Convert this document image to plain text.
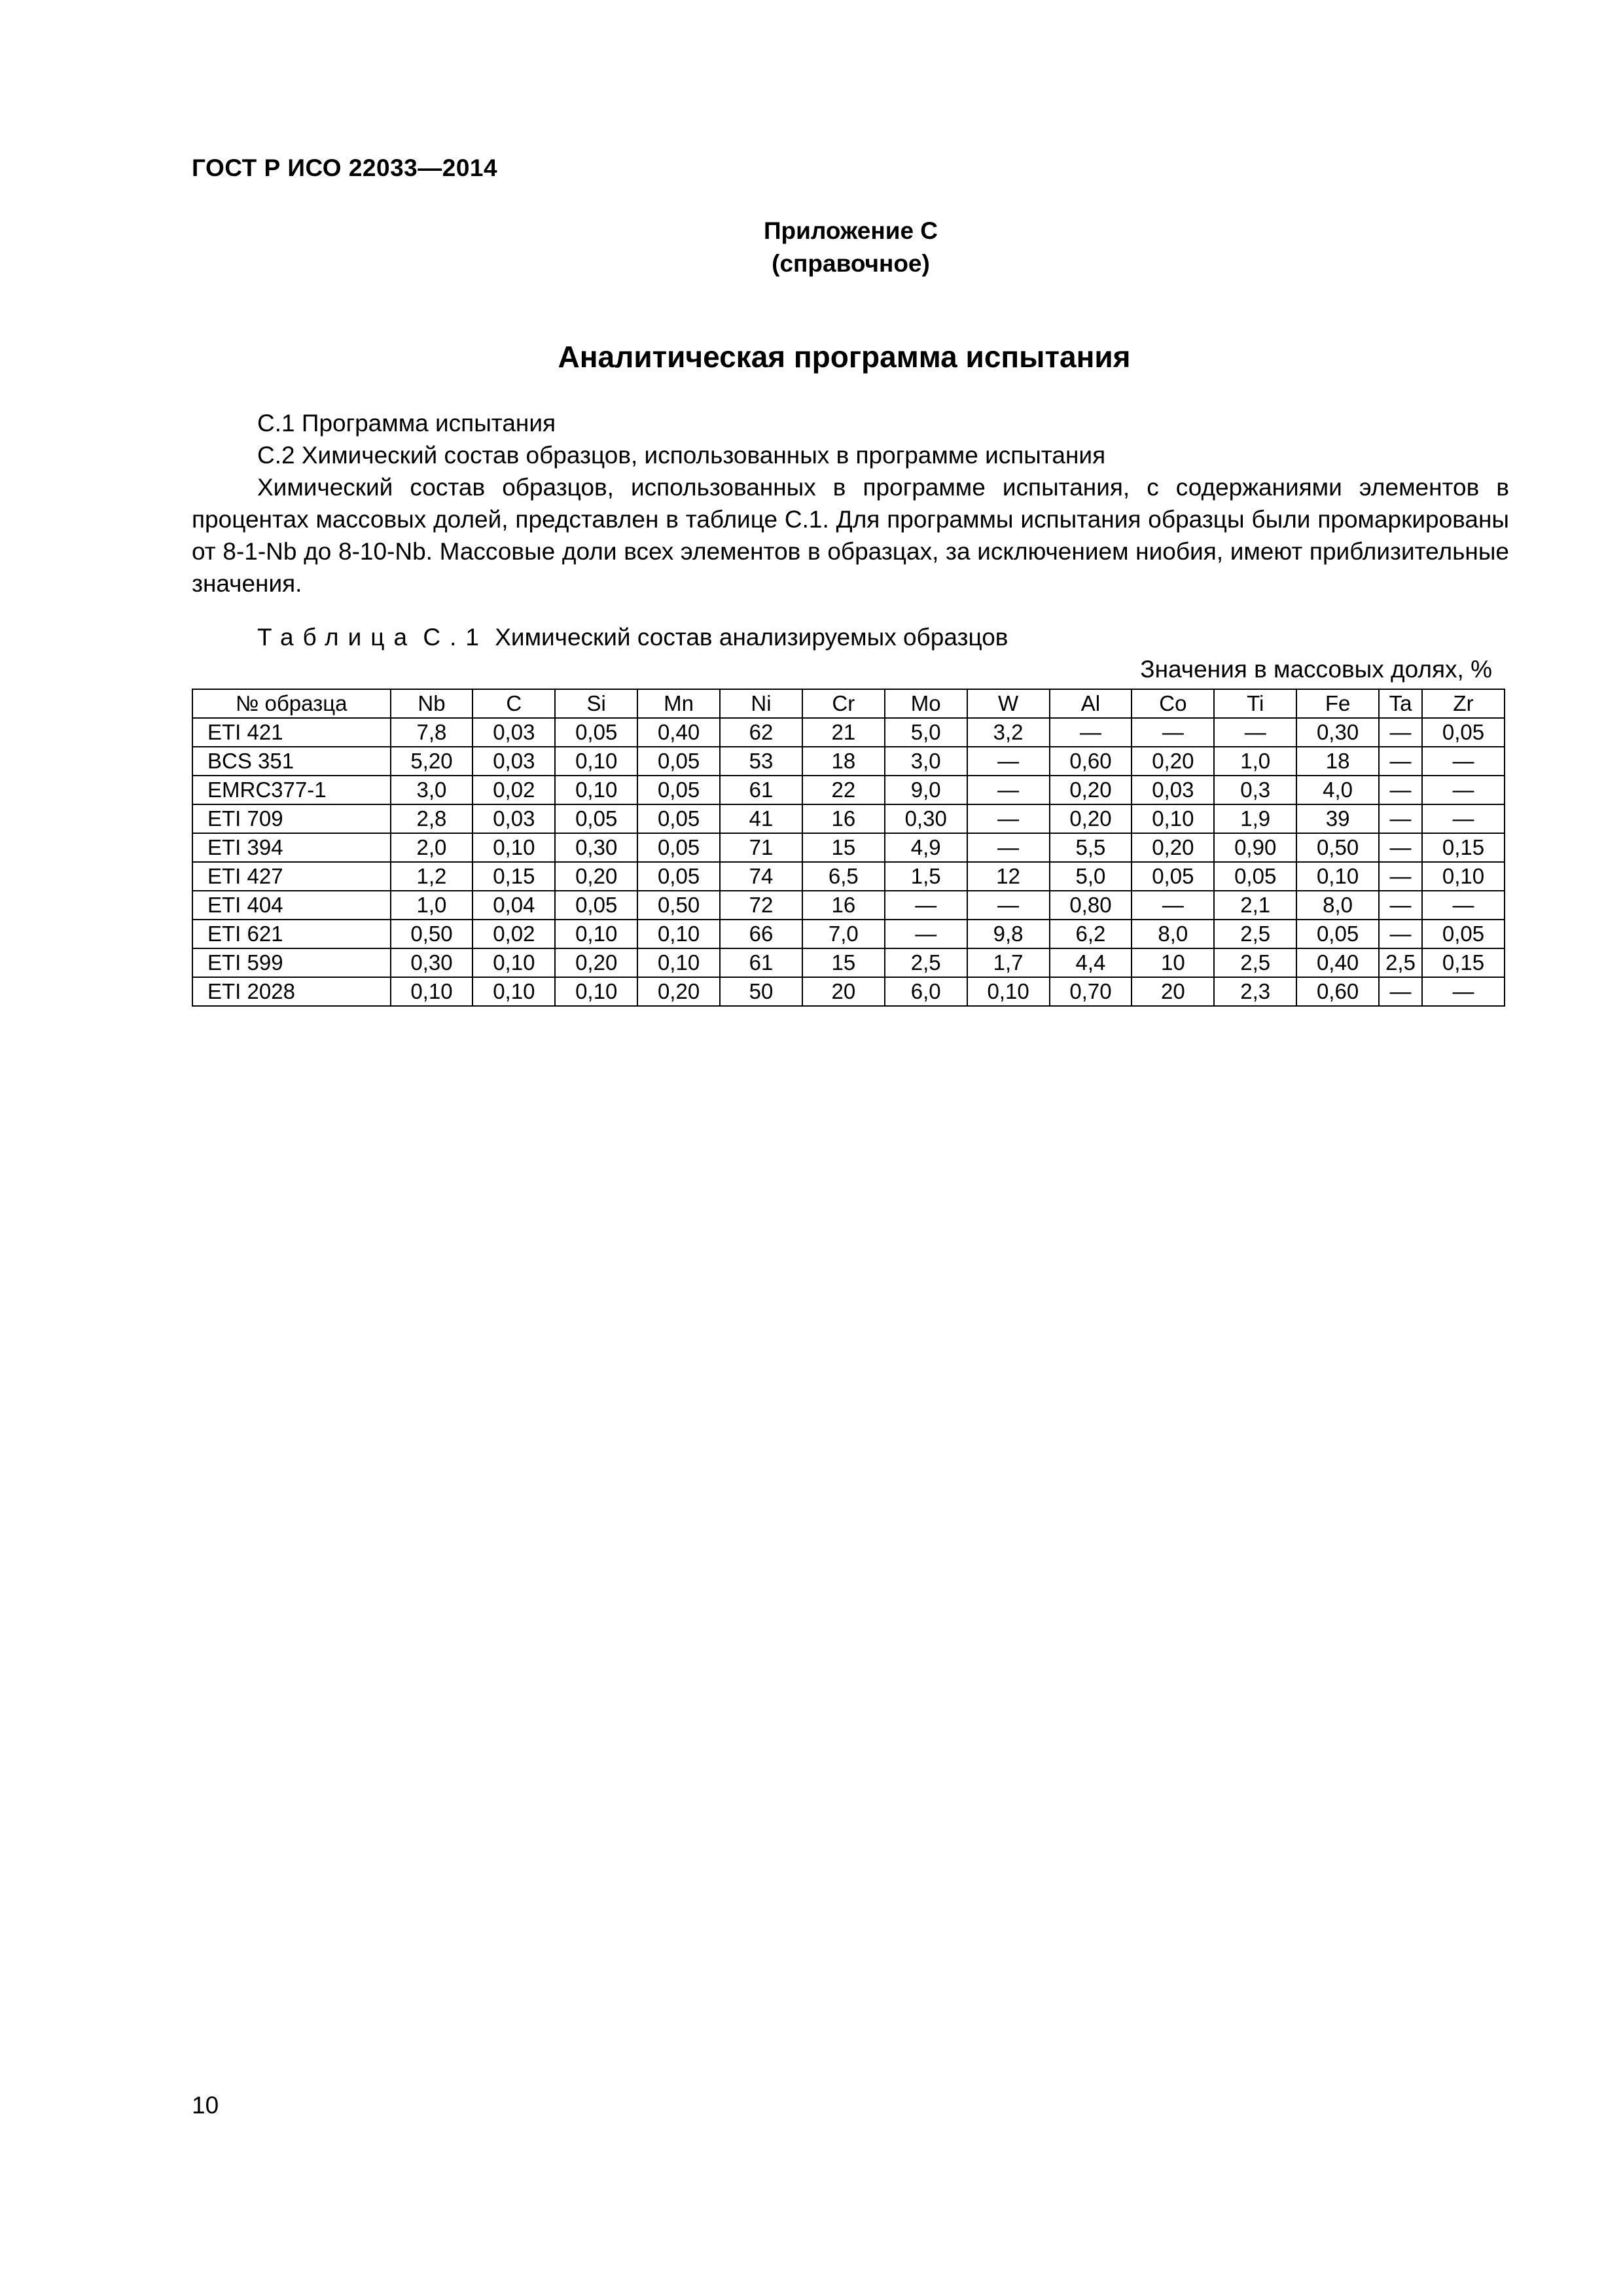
ГОСТ Р ИСО 22033—2014
Приложение С
(справочное)
Аналитическая программа испытания
С.1 Программа испытания
С.2 Химический состав образцов, использованных в программе испытания

Химический состав образцов, использованных в программе испытания, с содержаниями элементов в процентах массовых долей, представлен в таблице С.1. Для программы испытания образцы были промаркированы от 8-1-Nb до 8-10-Nb. Массовые доли всех элементов в образцах, за исключением ниобия, имеют приблизительные значения.

Таблица С.1 Химический состав анализируемых образцов
Значения в массовых долях, %
№ образца	Nb	C	Si	Mn	Ni	Cr	Mo	W	Al	Co	Ti	Fe	Ta	Zr
ETI 421	7,8	0,03	0,05	0,40	62	21	5,0	3,2	—	—	—	0,30	—	0,05
BCS 351	5,20	0,03	0,10	0,05	53	18	3,0	—	0,60	0,20	1,0	18	—	—
EMRC377-1	3,0	0,02	0,10	0,05	61	22	9,0	—	0,20	0,03	0,3	4,0	—	—
ETI 709	2,8	0,03	0,05	0,05	41	16	0,30	—	0,20	0,10	1,9	39	—	—
ETI 394	2,0	0,10	0,30	0,05	71	15	4,9	—	5,5	0,20	0,90	0,50	—	0,15
ETI 427	1,2	0,15	0,20	0,05	74	6,5	1,5	12	5,0	0,05	0,05	0,10	—	0,10
ETI 404	1,0	0,04	0,05	0,50	72	16	—	—	0,80	—	2,1	8,0	—	—
ETI 621	0,50	0,02	0,10	0,10	66	7,0	—	9,8	6,2	8,0	2,5	0,05	—	0,05
ETI 599	0,30	0,10	0,20	0,10	61	15	2,5	1,7	4,4	10	2,5	0,40	2,5	0,15
ETI 2028	0,10	0,10	0,10	0,20	50	20	6,0	0,10	0,70	20	2,3	0,60	—	—
10
